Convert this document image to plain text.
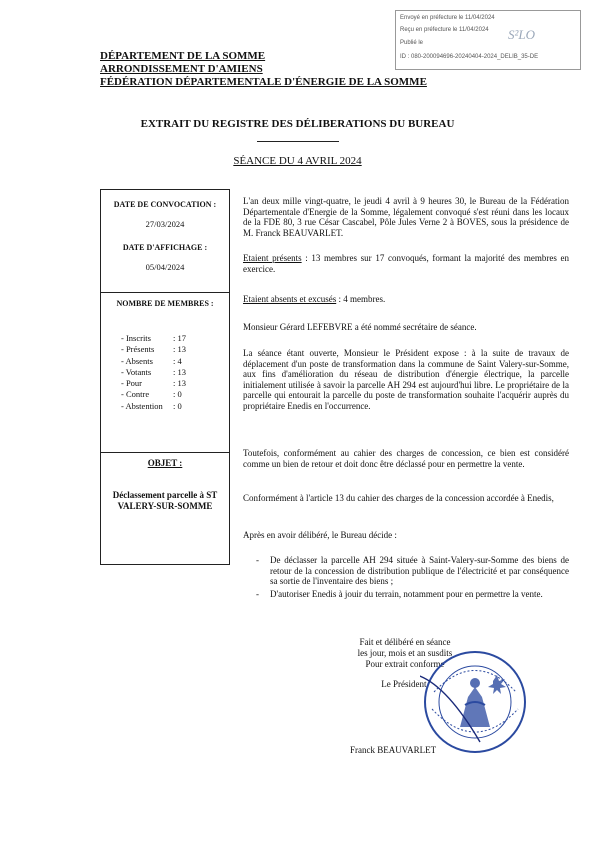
Envoyé en préfecture le 11/04/2024
Reçu en préfecture le 11/04/2024
Publié le
ID : 080-200094696-20240404-2024_DELIB_35-DE
S²LO
DÉPARTEMENT DE LA SOMME
ARRONDISSEMENT D'AMIENS
FÉDÉRATION DÉPARTEMENTALE D'ÉNERGIE DE LA SOMME
EXTRAIT DU REGISTRE DES DÉLIBERATIONS DU BUREAU
SÉANCE DU 4 AVRIL 2024
DATE DE CONVOCATION :
27/03/2024
DATE D'AFFICHAGE :
05/04/2024
NOMBRE DE MEMBRES :
- Inscrits	: 17
- Présents	: 13
- Absents	: 4
- Votants	: 13
- Pour	: 13
- Contre	: 0
- Abstention	: 0
OBJET :
Déclassement parcelle à ST VALERY-SUR-SOMME
L'an deux mille vingt-quatre, le jeudi 4 avril à 9 heures 30, le Bureau de la Fédération Départementale d'Energie de la Somme, légalement convoqué s'est réuni dans les locaux de la FDE 80, 3 rue César Cascabel, Pôle Jules Verne 2 à BOVES, sous la présidence de M. Franck BEAUVARLET.
Etaient présents : 13 membres sur 17 convoqués, formant la majorité des membres en exercice.
Etaient absents et excusés : 4 membres.
Monsieur Gérard LEFEBVRE a été nommé secrétaire de séance.
La séance étant ouverte, Monsieur le Président expose : à la suite de travaux de déplacement d'un poste de transformation dans la commune de Saint Valery-sur-Somme, aux fins d'amélioration du réseau de distribution d'énergie électrique, la parcelle initialement utilisée à savoir la parcelle AH 294 est aujourd'hui libre. Le propriétaire de la parcelle qui entourait la parcelle du poste de transformation souhaite l'acquérir auprès du propriétaire Enedis en l'occurrence.
Toutefois, conformément au cahier des charges de concession, ce bien est considéré comme un bien de retour et doit donc être déclassé pour en permettre la vente.
Conformément à l'article 13 du cahier des charges de la concession accordée à Enedis,
Après en avoir délibéré, le Bureau décide :
-	De déclasser la parcelle AH 294 située à Saint-Valery-sur-Somme des biens de retour de la concession de distribution publique de l'électricité et par conséquence sa sortie de l'inventaire des biens ;
-	D'autoriser Enedis à jouir du terrain, notamment pour en permettre la vente.
Fait et délibéré en séance
les jour, mois et an susdits
Pour extrait conforme
Le Président,
Franck BEAUVARLET
